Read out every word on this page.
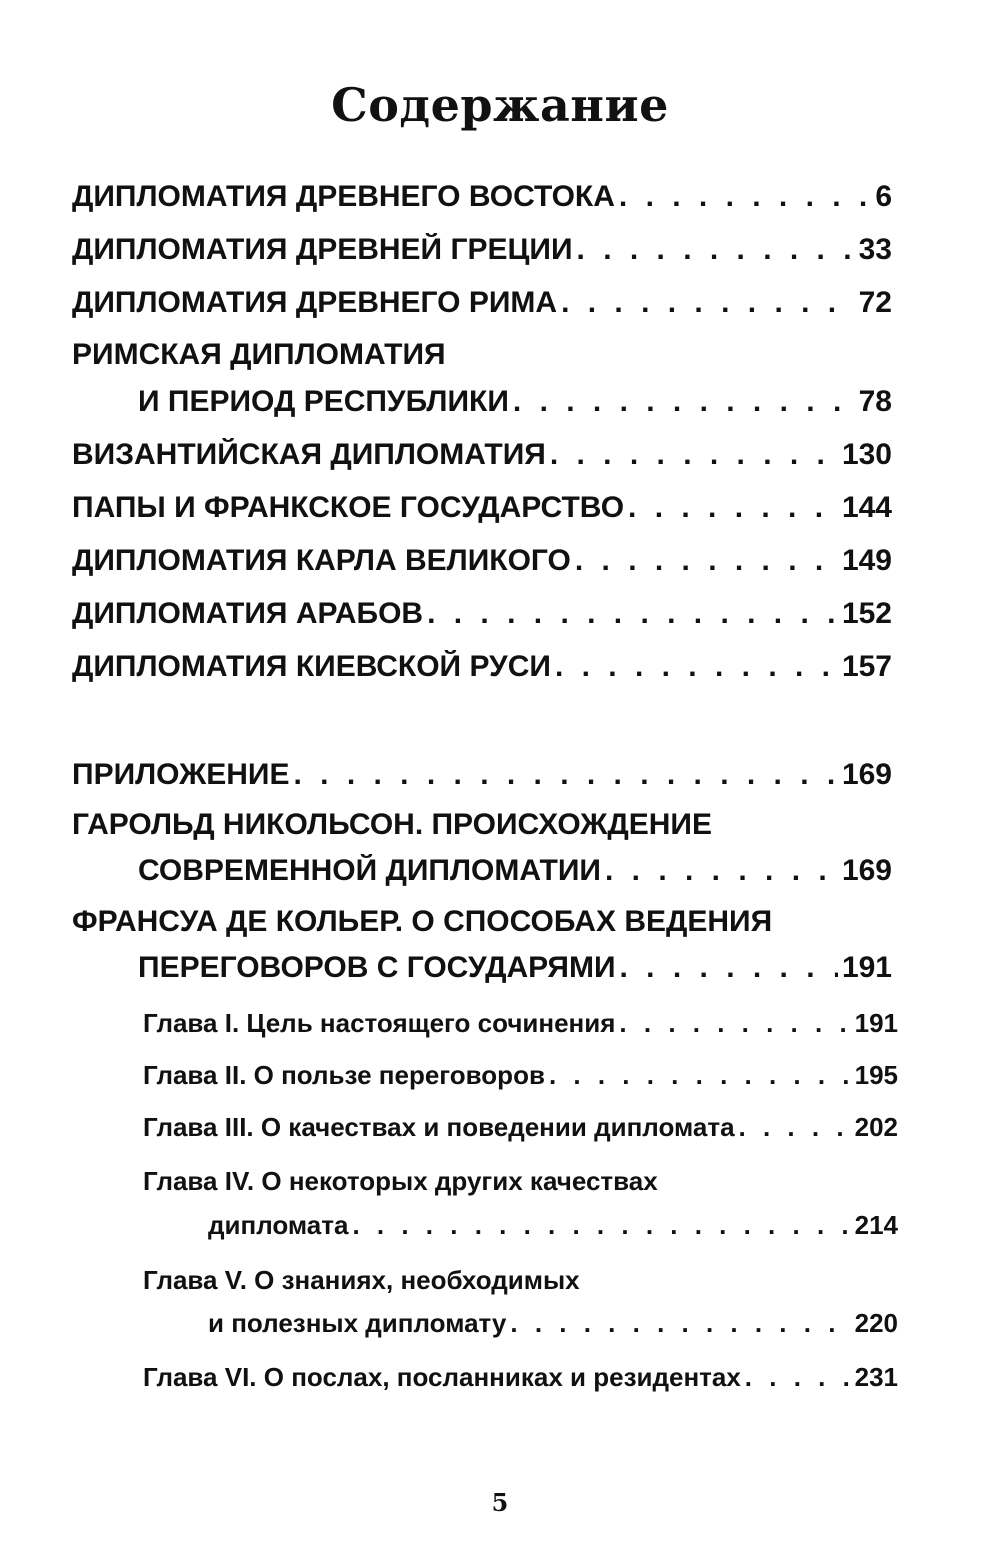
Содержание
ДИПЛОМАТИЯ ДРЕВНЕГО ВОСТОКА . . .	6
ДИПЛОМАТИЯ ДРЕВНЕЙ ГРЕЦИИ . . .	33
ДИПЛОМАТИЯ ДРЕВНЕГО РИМА . . .	72
РИМСКАЯ ДИПЛОМАТИЯ
И ПЕРИОД РЕСПУБЛИКИ . . .	78
ВИЗАНТИЙСКАЯ ДИПЛОМАТИЯ . . .	130
ПАПЫ И ФРАНКСКОЕ ГОСУДАРСТВО . . .	144
ДИПЛОМАТИЯ КАРЛА ВЕЛИКОГО . . .	149
ДИПЛОМАТИЯ АРАБОВ . . .	152
ДИПЛОМАТИЯ КИЕВСКОЙ РУСИ . . .	157
ПРИЛОЖЕНИЕ . . .	169
ГАРОЛЬД НИКОЛЬСОН. ПРОИСХОЖДЕНИЕ
СОВРЕМЕННОЙ ДИПЛОМАТИИ . . .	169
ФРАНСУА ДЕ КОЛЬЕР. О СПОСОБАХ ВЕДЕНИЯ
ПЕРЕГОВОРОВ С ГОСУДАРЯМИ . . .	191
Глава I. Цель настоящего сочинения . . .	191
Глава II. О пользе переговоров . . .	195
Глава III. О качествах и поведении дипломата . . .	202
Глава IV. О некоторых других качествах
дипломата . . .	214
Глава V. О знаниях, необходимых
и полезных дипломату . . .	220
Глава VI. О послах, посланниках и резидентах . . .	231
5
